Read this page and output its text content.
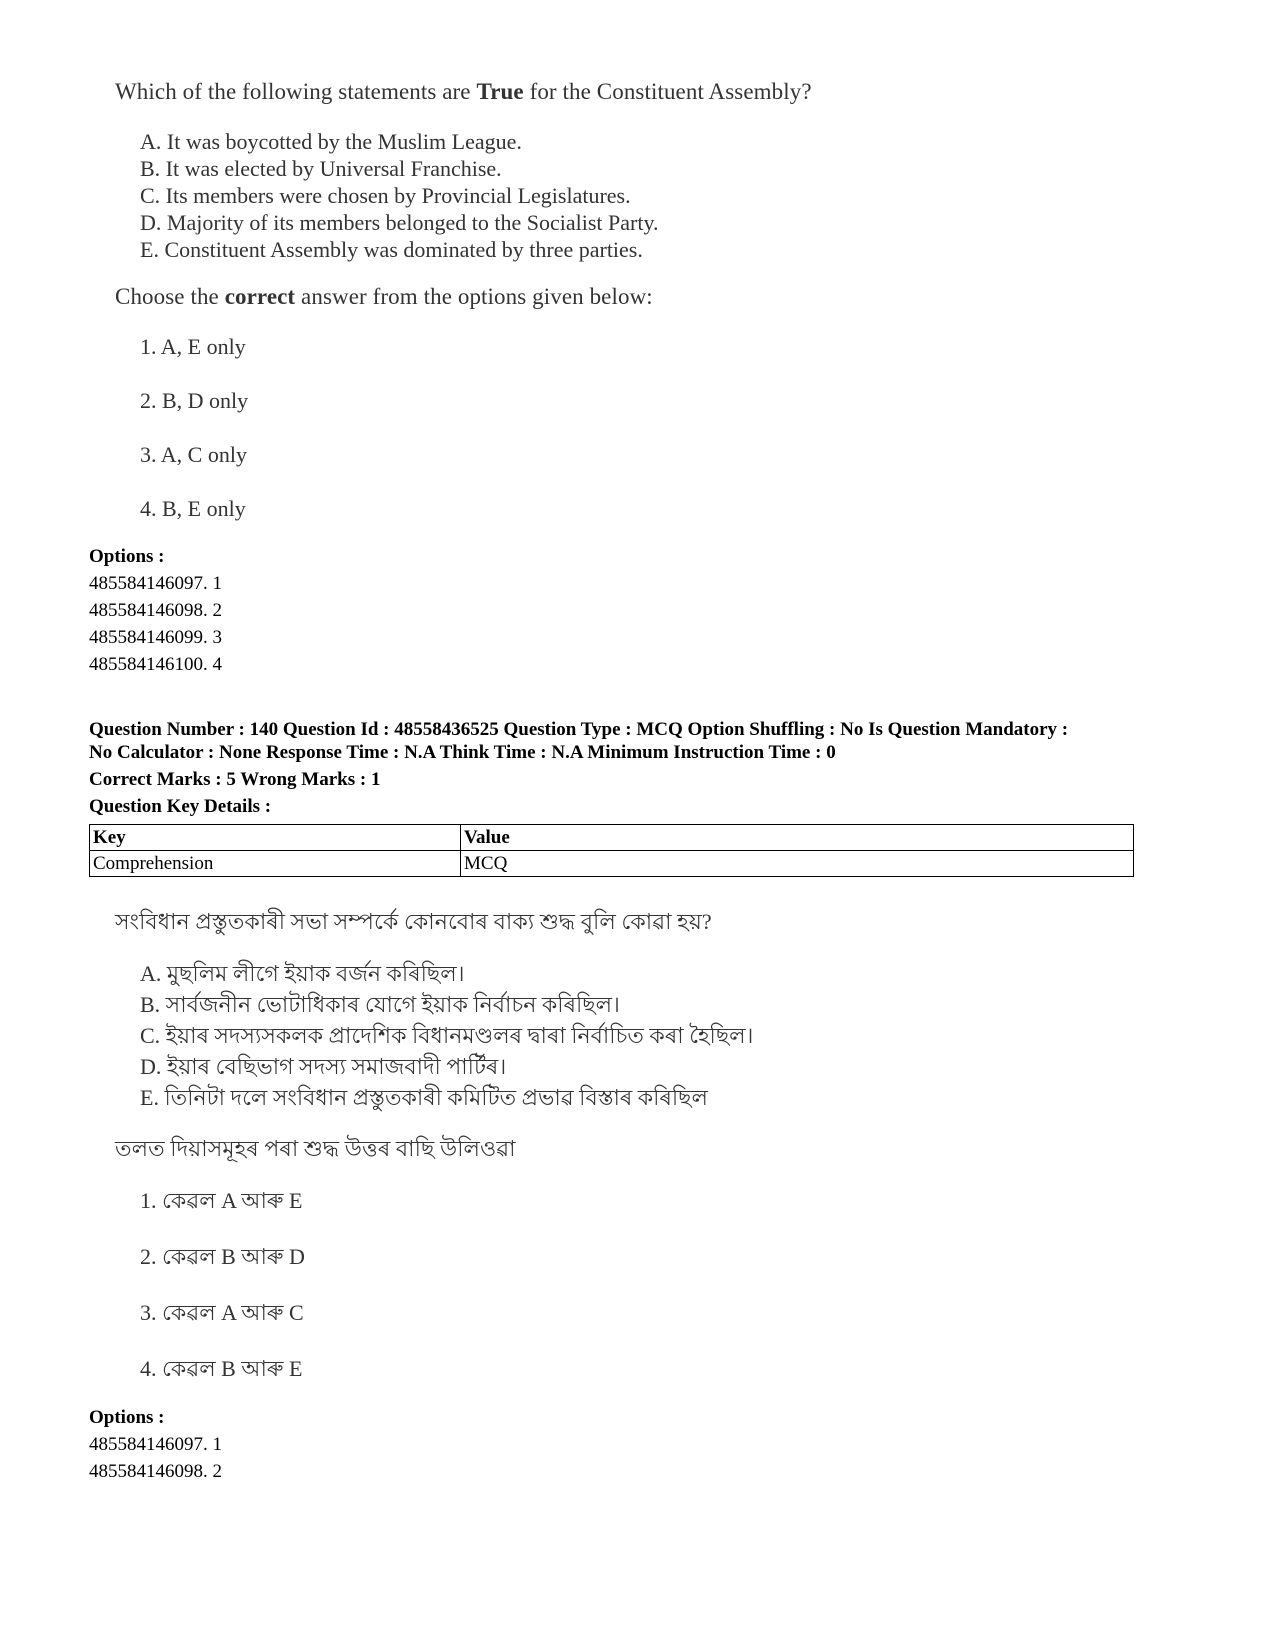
Which of the following statements are True for the Constituent Assembly?

A. It was boycotted by the Muslim League.
B. It was elected by Universal Franchise.
C. Its members were chosen by Provincial Legislatures.
D. Majority of its members belonged to the Socialist Party.
E. Constituent Assembly was dominated by three parties.

Choose the correct answer from the options given below:

1. A, E only
2. B, D only
3. A, C only
4. B, E only
Options :
485584146097. 1
485584146098. 2
485584146099. 3
485584146100. 4
Question Number : 140 Question Id : 48558436525 Question Type : MCQ Option Shuffling : No Is Question Mandatory :
No Calculator : None Response Time : N.A Think Time : N.A Minimum Instruction Time : 0
Correct Marks : 5 Wrong Marks : 1
Question Key Details :
Key	Value
Comprehension	MCQ

সংবিধান প্ৰস্তুতকাৰী সভা সম্পৰ্কে কোনবোৰ বাক্য শুদ্ধ বুলি কোৱা হয়?

A. মুছলিম লীগে ইয়াক বৰ্জন কৰিছিল।
B. সাৰ্বজনীন ভোটাধিকাৰ যোগে ইয়াক নিৰ্বাচন কৰিছিল।
C. ইয়াৰ সদস্যসকলক প্ৰাদেশিক বিধানমণ্ডলৰ দ্বাৰা নিৰ্বাচিত কৰা হৈছিল।
D. ইয়াৰ বেছিভাগ সদস্য সমাজবাদী পাৰ্টিৰ।
E. তিনিটা দলে সংবিধান প্ৰস্তুতকাৰী কমিটিত প্ৰভাৱ বিস্তাৰ কৰিছিল

তলত দিয়াসমূহৰ পৰা শুদ্ধ উত্তৰ বাছি উলিওৱা

1. কেৱল A আৰু E
2. কেৱল B আৰু D
3. কেৱল A আৰু C
4. কেৱল B আৰু E
Options :
485584146097. 1
485584146098. 2
